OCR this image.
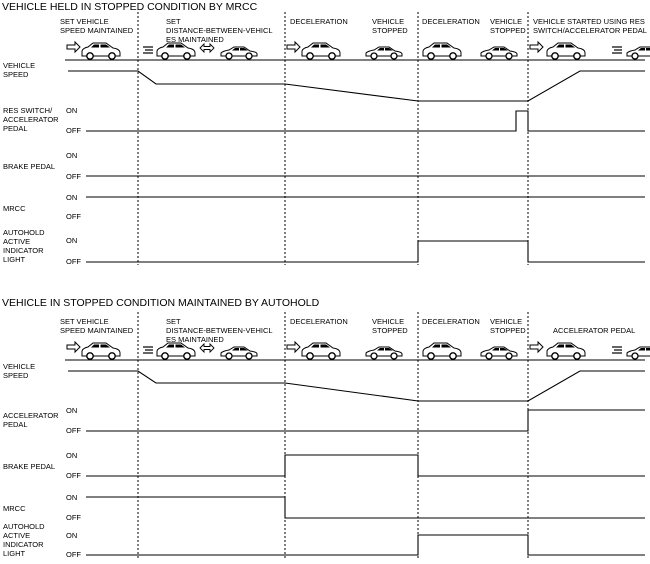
VEHICLE HELD IN STOPPED CONDITION BY MRCC
SET VEHICLE
SPEED MAINTAINED
SET
DISTANCE-BETWEEN-VEHICL
ES MAINTAINED
DECELERATION	VEHICLE
STOPPED
DECELERATION VEHICLE
STOPPED
VEHICLE STARTED USING RES
SWITCH/ACCELERATOR PEDAL
VEHICLE
SPEED
RES SWITCH/
ACCELERATOR
PEDAL
BRAKE PEDAL
MRCC
AUTOHOLD
ACTIVE
INDICATOR
LIGHT
ON
OFF
ON
OFF
ON
OFF
ON
OFF
VEHICLE IN STOPPED CONDITION MAINTAINED BY AUTOHOLD
SET VEHICLE
SPEED MAINTAINED
SET
DISTANCE-BETWEEN-VEHICL
ES MAINTAINED
DECELERATION	VEHICLE
STOPPED
DECELERATION VEHICLE
STOPPED	ACCELERATOR PEDAL
VEHICLE
SPEED
ACCELERATOR
PEDAL
BRAKE PEDAL
MRCC
AUTOHOLD
ACTIVE
INDICATOR
LIGHT
ON
OFF
ON
OFF
ON
OFF
ON
OFF
